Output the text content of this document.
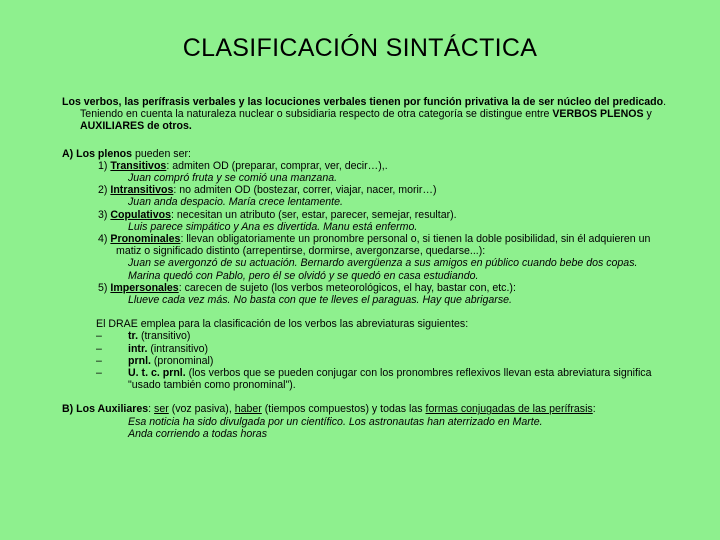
CLASIFICACIÓN SINTÁCTICA

Los verbos, las perífrasis verbales y las locuciones verbales tienen por función privativa la de ser núcleo del predicado. Teniendo en cuenta la naturaleza nuclear o subsidiaria respecto de otra categoría se distingue entre VERBOS PLENOS y AUXILIARES de otros.

A) Los plenos pueden ser:

1) Transitivos: admiten OD (preparar, comprar, ver, decir…),.

Juan compró fruta y se comió una manzana.

2) Intransitivos: no admiten OD (bostezar, correr, viajar, nacer, morir…)

Juan anda despacio. María crece lentamente.

3) Copulativos: necesitan un atributo (ser, estar, parecer, semejar, resultar).

Luis parece simpático y Ana es divertida. Manu está enfermo.

4) Pronominales: llevan obligatoriamente un pronombre personal o, si tienen la doble posibilidad, sin él adquieren un matiz o significado distinto (arrepentirse, dormirse, avergonzarse, quedarse...):

Juan se avergonzó de su actuación. Bernardo avergüenza a sus amigos en público cuando bebe dos copas.

Marina quedó con Pablo, pero él se olvidó y se quedó en casa estudiando.

5) Impersonales: carecen de sujeto (los verbos meteorológicos, el hay, bastar con, etc.):

Llueve cada vez más. No basta con que te lleves el paraguas. Hay que abrigarse.

El DRAE emplea para la clasificación de los verbos las abreviaturas siguientes:

–	tr. (transitivo)
–	intr. (intransitivo)
–	prnl. (pronominal)
–	U. t. c. prnl. (los verbos que se pueden conjugar con los pronombres reflexivos llevan esta abreviatura significa "usado también como pronominal").

B) Los Auxiliares: ser (voz pasiva), haber (tiempos compuestos) y todas las formas conjugadas de las perífrasis:

Esa noticia ha sido divulgada por un científico. Los astronautas han aterrizado en Marte.

Anda corriendo a todas horas
